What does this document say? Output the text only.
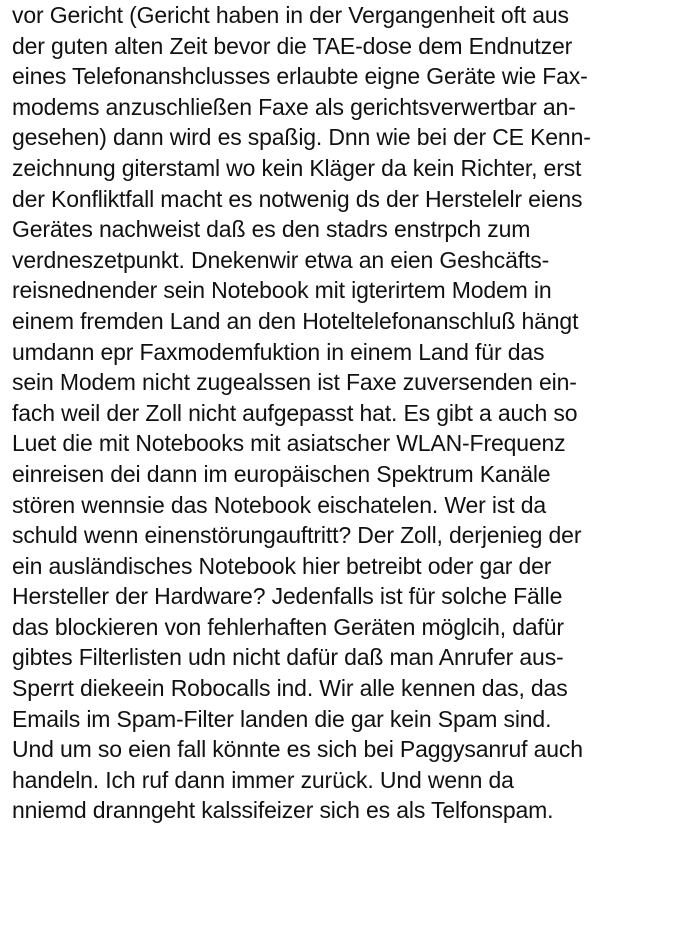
vor Gericht (Gericht haben in der Vergangenheit oft aus
der guten alten Zeit bevor die TAE-dose dem Endnutzer
eines Telefonanshclusses erlaubte eigne Geräte wie Fax-
modems anzuschließen Faxe als gerichtsverwertbar an-
gesehen) dann wird es spaßig. Dnn wie bei der CE Kenn-
zeichnung giterstaml wo kein Kläger da kein Richter, erst
der Konfliktfall macht es notwenig ds der Herstelelr eiens
Gerätes nachweist daß es den stadrs enstrpch zum
verdneszetpunkt. Dnekenwir etwa an eien Geshcäfts-
reisnednender sein Notebook mit igterirtem Modem in
einem fremden Land an den Hoteltelefonanschluß hängt
umdann epr Faxmodemfuktion in einem Land für das
sein Modem nicht zugealssen ist Faxe zuversenden ein-
fach weil der Zoll nicht aufgepasst hat. Es gibt a auch so
Luet die mit Notebooks mit asiatscher WLAN-Frequenz
einreisen dei dann im europäischen Spektrum Kanäle
stören wennsie das Notebook eischatelen. Wer ist da
schuld wenn einenstörungauftritt? Der Zoll, derjenieg der
ein ausländisches Notebook hier betreibt oder gar der
Hersteller der Hardware? Jedenfalls ist für solche Fälle
das blockieren von fehlerhaften Geräten möglcih, dafür
gibtes Filterlisten udn nicht dafür daß man Anrufer aus-
Sperrt diekeein Robocalls ind. Wir alle kennen das, das
Emails im Spam-Filter landen die gar kein Spam sind.
Und um so eien fall könnte es sich bei Paggysanruf auch
handeln. Ich ruf dann immer zurück. Und wenn da
nniemd dranngeht kalssifeizer sich es als Telfonspam.
